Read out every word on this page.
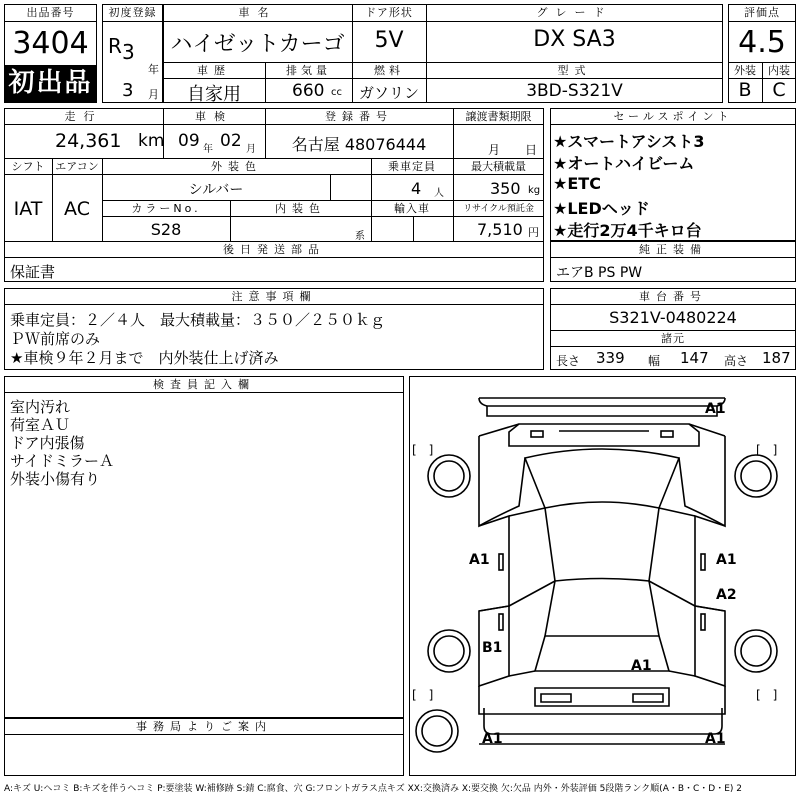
出品番号
3404
初出品
初度登録
R 3
年
3 月
車名
ハイゼットカーゴ
ドア形状
5V
グレード
DX SA3
車歴
自家用
排気量
660 cc
燃料
ガソリン
型式
3BD-S321V
評価点
4.5
外装	内装
B	C
走行
24,361 km
車検
09 年 02 月
登録番号
名古屋 48076444
譲渡書類期限
月 日
シフト
IAT
エアコン
AC
外装色
シルバー
乗車定員
4 人
最大積載量
350 kg
カラーNo.
S28
内装色
系
輸入車	リサイクル預託金
7,510 円
後日発送部品
保証書
セールスポイント
★スマートアシスト3
★オートハイビーム
★ETC
★LEDヘッド
★走行2万4千キロ台
純正装備
エアB PS PW
注意事項欄
乗車定員：２／４人　最大積載量：３５０／２５０ｋｇ
ＰＷ前席のみ
★車検９年２月まで　内外装仕上げ済み
車台番号
S321V-0480224
諸元
長さ 339 幅 147 高さ 187
検査員記入欄
室内汚れ
荷室ＡＵ
ドア内張傷
サイドミラーＡ
外装小傷有り
事務局よりご案内
[　]	[　]
[　]	[　]
A1
A1	A1
A2
B1
A1
A1	A1
A:キズ U:ヘコミ B:キズを伴うヘコミ P:要塗装 W:補修跡 S:錆 C:腐食、穴 G:フロントガラス点キズ XX:交換済み X:要交換 欠:欠品 内外・外装評価 5段階ランク順(A・B・C・D・E) 2
